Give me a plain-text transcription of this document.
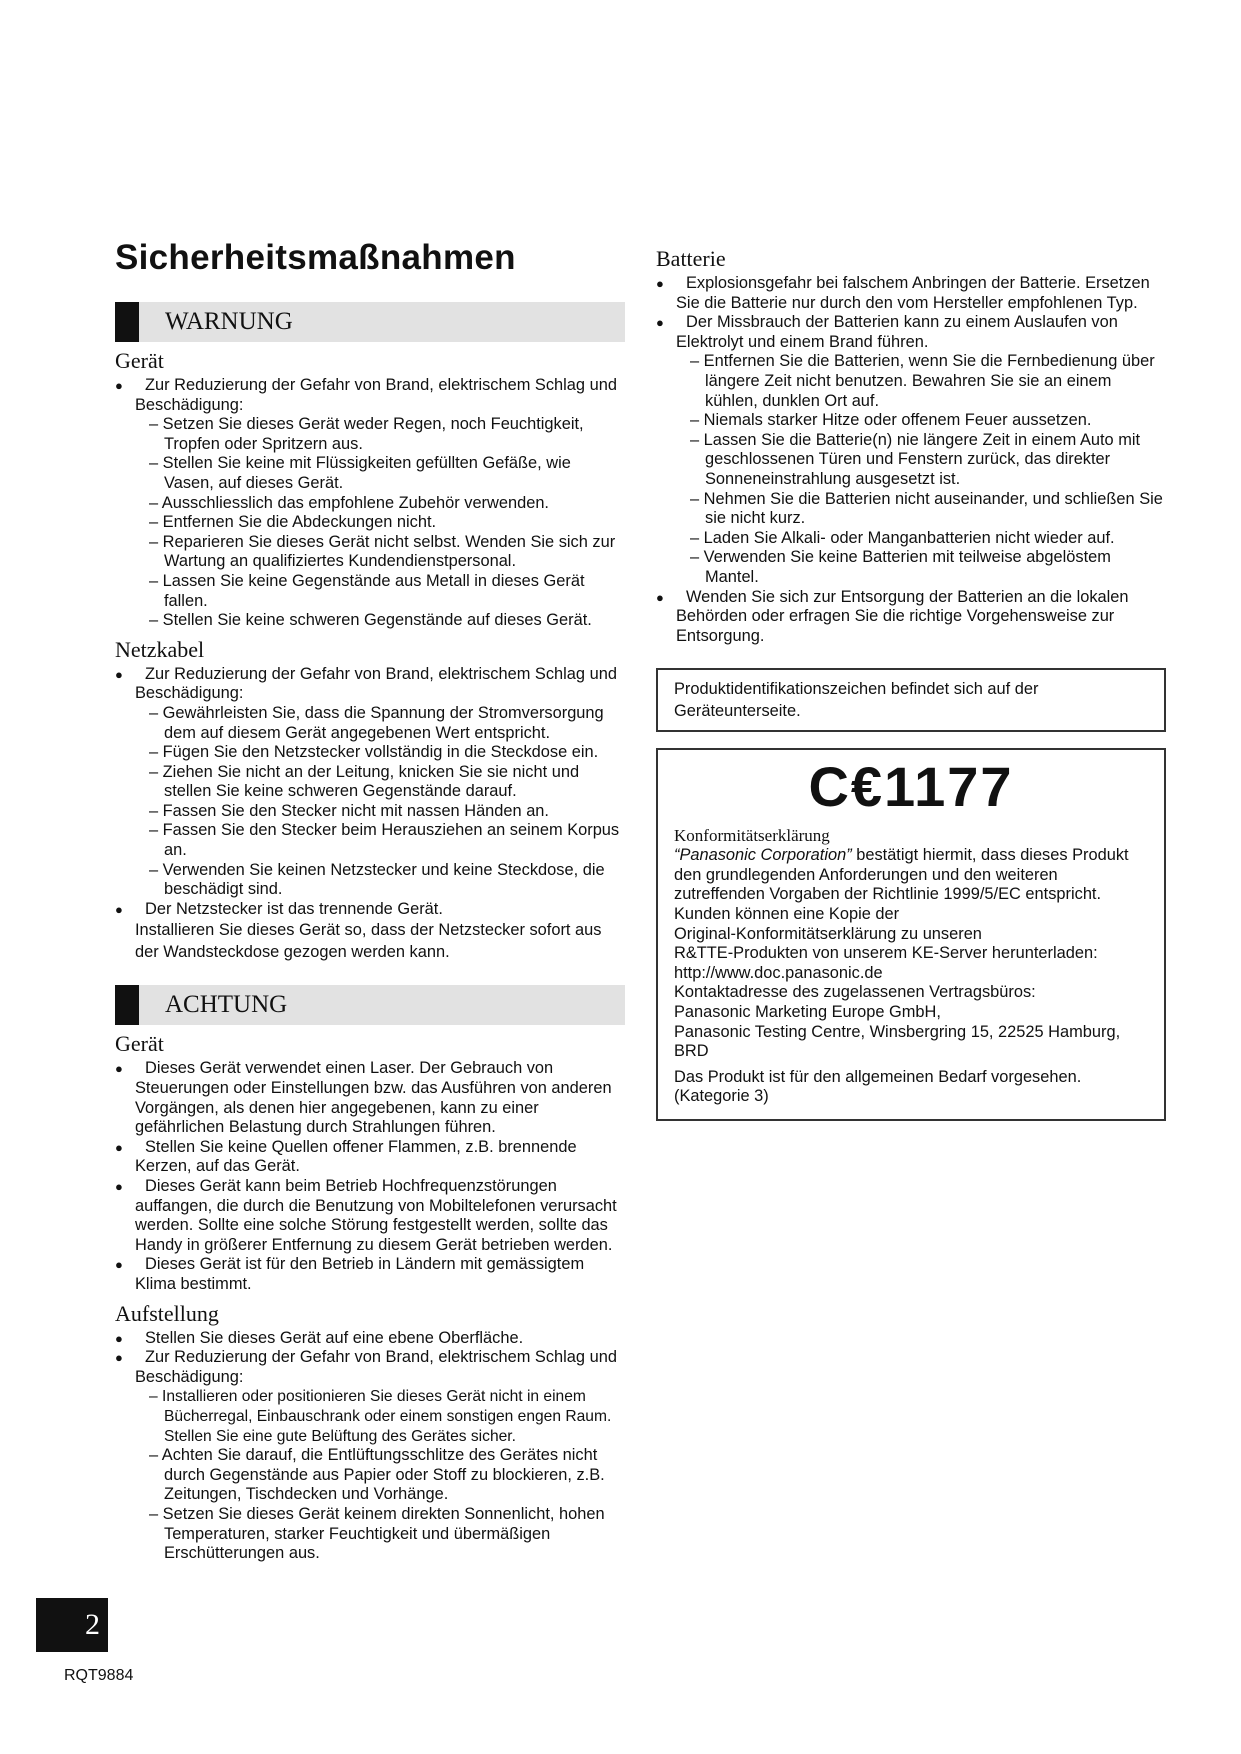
Sicherheitsmaßnahmen
WARNUNG
Gerät
● Zur Reduzierung der Gefahr von Brand, elektrischem Schlag und Beschädigung:
– Setzen Sie dieses Gerät weder Regen, noch Feuchtigkeit, Tropfen oder Spritzern aus.
– Stellen Sie keine mit Flüssigkeiten gefüllten Gefäße, wie Vasen, auf dieses Gerät.
– Ausschliesslich das empfohlene Zubehör verwenden.
– Entfernen Sie die Abdeckungen nicht.
– Reparieren Sie dieses Gerät nicht selbst. Wenden Sie sich zur Wartung an qualifiziertes Kundendienstpersonal.
– Lassen Sie keine Gegenstände aus Metall in dieses Gerät fallen.
– Stellen Sie keine schweren Gegenstände auf dieses Gerät.
Netzkabel
● Zur Reduzierung der Gefahr von Brand, elektrischem Schlag und Beschädigung:
– Gewährleisten Sie, dass die Spannung der Stromversorgung dem auf diesem Gerät angegebenen Wert entspricht.
– Fügen Sie den Netzstecker vollständig in die Steckdose ein.
– Ziehen Sie nicht an der Leitung, knicken Sie sie nicht und stellen Sie keine schweren Gegenstände darauf.
– Fassen Sie den Stecker nicht mit nassen Händen an.
– Fassen Sie den Stecker beim Herausziehen an seinem Korpus an.
– Verwenden Sie keinen Netzstecker und keine Steckdose, die beschädigt sind.
● Der Netzstecker ist das trennende Gerät.
Installieren Sie dieses Gerät so, dass der Netzstecker sofort aus der Wandsteckdose gezogen werden kann.
ACHTUNG
Gerät
● Dieses Gerät verwendet einen Laser. Der Gebrauch von Steuerungen oder Einstellungen bzw. das Ausführen von anderen Vorgängen, als denen hier angegebenen, kann zu einer gefährlichen Belastung durch Strahlungen führen.
● Stellen Sie keine Quellen offener Flammen, z.B. brennende Kerzen, auf das Gerät.
● Dieses Gerät kann beim Betrieb Hochfrequenzstörungen auffangen, die durch die Benutzung von Mobiltelefonen verursacht werden. Sollte eine solche Störung festgestellt werden, sollte das Handy in größerer Entfernung zu diesem Gerät betrieben werden.
● Dieses Gerät ist für den Betrieb in Ländern mit gemässigtem Klima bestimmt.
Aufstellung
● Stellen Sie dieses Gerät auf eine ebene Oberfläche.
● Zur Reduzierung der Gefahr von Brand, elektrischem Schlag und Beschädigung:
– Installieren oder positionieren Sie dieses Gerät nicht in einem Bücherregal, Einbauschrank oder einem sonstigen engen Raum. Stellen Sie eine gute Belüftung des Gerätes sicher.
– Achten Sie darauf, die Entlüftungsschlitze des Gerätes nicht durch Gegenstände aus Papier oder Stoff zu blockieren, z.B. Zeitungen, Tischdecken und Vorhänge.
– Setzen Sie dieses Gerät keinem direkten Sonnenlicht, hohen Temperaturen, starker Feuchtigkeit und übermäßigen Erschütterungen aus.
Batterie
● Explosionsgefahr bei falschem Anbringen der Batterie. Ersetzen Sie die Batterie nur durch den vom Hersteller empfohlenen Typ.
● Der Missbrauch der Batterien kann zu einem Auslaufen von Elektrolyt und einem Brand führen.
– Entfernen Sie die Batterien, wenn Sie die Fernbedienung über längere Zeit nicht benutzen. Bewahren Sie sie an einem kühlen, dunklen Ort auf.
– Niemals starker Hitze oder offenem Feuer aussetzen.
– Lassen Sie die Batterie(n) nie längere Zeit in einem Auto mit geschlossenen Türen und Fenstern zurück, das direkter Sonneneinstrahlung ausgesetzt ist.
– Nehmen Sie die Batterien nicht auseinander, und schließen Sie sie nicht kurz.
– Laden Sie Alkali- oder Manganbatterien nicht wieder auf.
– Verwenden Sie keine Batterien mit teilweise abgelöstem Mantel.
● Wenden Sie sich zur Entsorgung der Batterien an die lokalen Behörden oder erfragen Sie die richtige Vorgehensweise zur Entsorgung.
Produktidentifikationszeichen befindet sich auf der Geräteunterseite.
C€1177
Konformitätserklärung
“Panasonic Corporation” bestätigt hiermit, dass dieses Produkt den grundlegenden Anforderungen und den weiteren zutreffenden Vorgaben der Richtlinie 1999/5/EC entspricht.
Kunden können eine Kopie der
Original-Konformitätserklärung zu unseren
R&TTE-Produkten von unserem KE-Server herunterladen:
http://www.doc.panasonic.de
Kontaktadresse des zugelassenen Vertragsbüros:
Panasonic Marketing Europe GmbH,
Panasonic Testing Centre, Winsbergring 15, 22525 Hamburg, BRD
Das Produkt ist für den allgemeinen Bedarf vorgesehen. (Kategorie 3)
2
RQT9884
